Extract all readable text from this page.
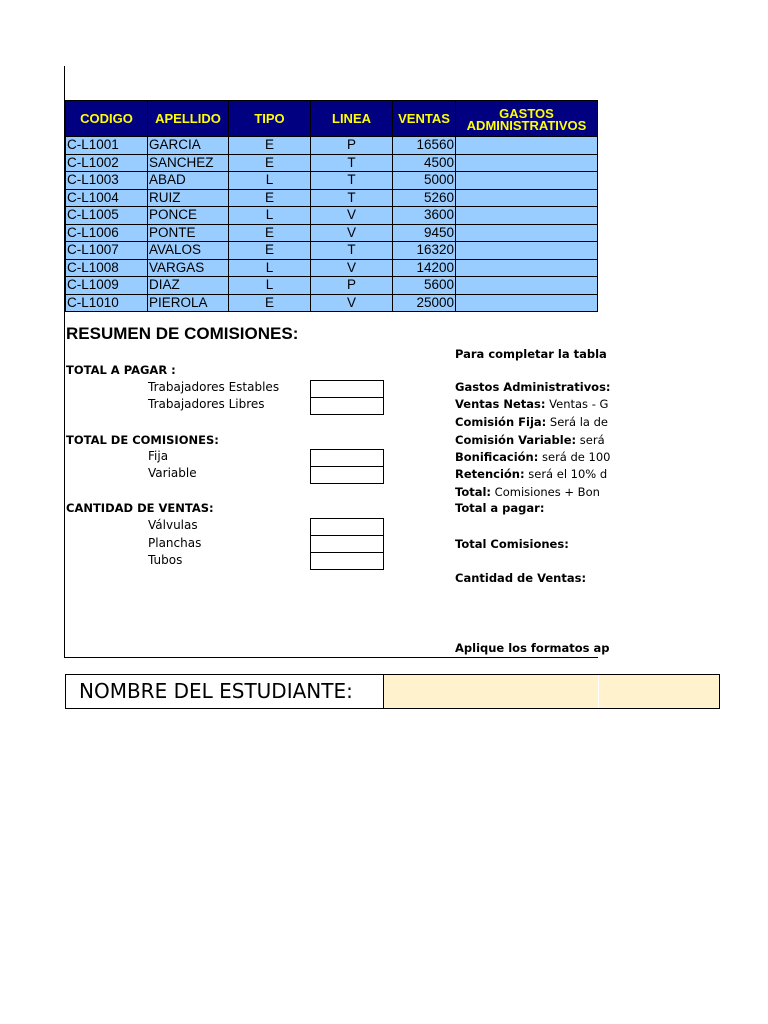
CODIGO	APELLIDO	TIPO	LINEA	VENTAS	GASTOS ADMINISTRATIVOS
C-L1001	GARCIA	E	P	16560
C-L1002	SANCHEZ	E	T	4500
C-L1003	ABAD	L	T	5000
C-L1004	RUIZ	E	T	5260
C-L1005	PONCE	L	V	3600
C-L1006	PONTE	E	V	9450
C-L1007	AVALOS	E	T	16320
C-L1008	VARGAS	L	V	14200
C-L1009	DIAZ	L	P	5600
C-L1010	PIEROLA	E	V	25000
RESUMEN DE COMISIONES:
TOTAL A PAGAR :
Trabajadores Estables
Trabajadores Libres
TOTAL DE COMISIONES:
Fija
Variable
CANTIDAD DE VENTAS:
Válvulas
Planchas
Tubos
Para completar la tabla
Gastos Administrativos:
Ventas Netas: Ventas - G
Comisión Fija: Será la de
Comisión Variable: será
Bonificación: será de 100
Retención: será el 10% d
Total: Comisiones + Bon
Total a pagar:
Total Comisiones:
Cantidad de Ventas:
Aplique los formatos ap
NOMBRE DEL ESTUDIANTE:
